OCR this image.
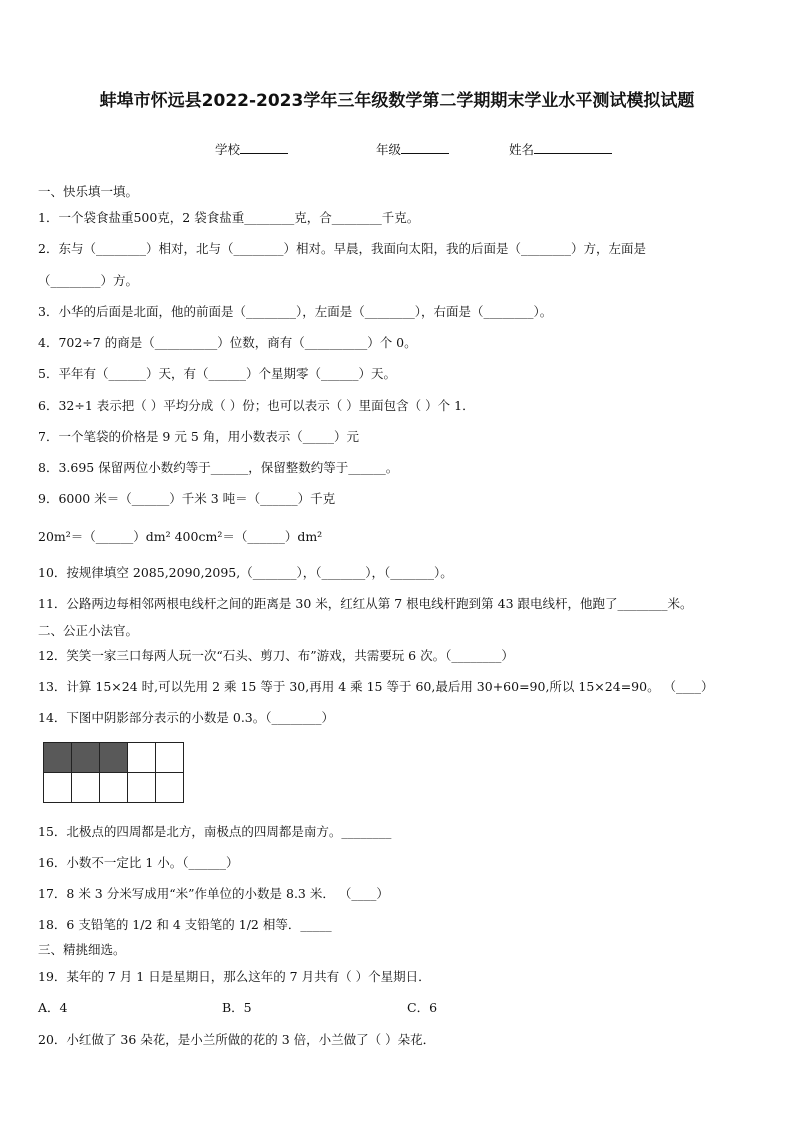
蚌埠市怀远县2022-2023学年三年级数学第二学期期末学业水平测试模拟试题
学校	年级	姓名
一、快乐填一填。
1．一个袋食盐重500克，2 袋食盐重________克，合________千克。
2．东与（________）相对，北与（________）相对。早晨，我面向太阳，我的后面是（________）方，左面是
（________）方。
3．小华的后面是北面，他的前面是（________），左面是（________），右面是（________）。
4．702÷7 的商是（__________）位数，商有（__________）个 0。
5．平年有（______）天，有（______）个星期零（______）天。
6．32÷1 表示把（ ）平均分成（ ）份；也可以表示（ ）里面包含（ ）个 1．
7．一个笔袋的价格是 9 元 5 角，用小数表示（_____）元
8．3.695 保留两位小数约等于______，保留整数约等于______。
9．6000 米＝（______）千米 3 吨＝（______）千克
20m²＝（______）dm² 400cm²＝（______）dm²
10．按规律填空 2085,2090,2095,（_______），（_______），（_______）。
11．公路两边每相邻两根电线杆之间的距离是 30 米，红红从第 7 根电线杆跑到第 43 跟电线杆，他跑了________米。
二、公正小法官。
12．笑笑一家三口每两人玩一次“石头、剪刀、布”游戏，共需要玩 6 次。（________）
13．计算 15×24 时,可以先用 2 乘 15 等于 30,再用 4 乘 15 等于 60,最后用 30+60=90,所以 15×24=90。 （____）
14．下图中阴影部分表示的小数是 0.3。（________）

15．北极点的四周都是北方，南极点的四周都是南方。________
16．小数不一定比 1 小。（______）
17．8 米 3 分米写成用“米”作单位的小数是 8.3 米． （____）
18．6 支铅笔的 1/2 和 4 支铅笔的 1/2 相等．_____
三、精挑细选。
19．某年的 7 月 1 日是星期日，那么这年的 7 月共有（ ）个星期日．
A．4	B．5	C．6
20．小红做了 36 朵花，是小兰所做的花的 3 倍，小兰做了（ ）朵花．
